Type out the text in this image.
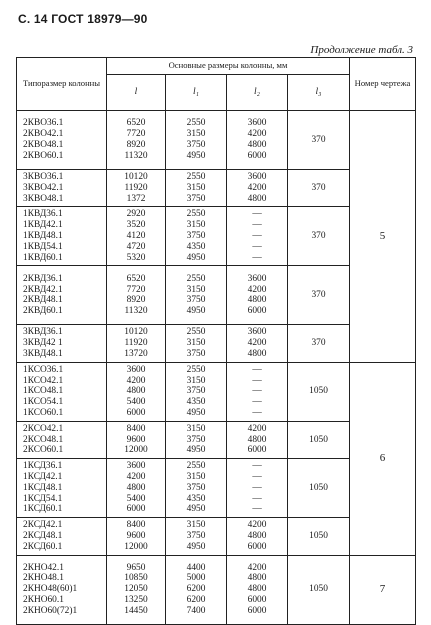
С. 14 ГОСТ 18979—90
Продолжение табл. 3
Типоразмер колонны	Основные размеры колонны, мм				Номер чертежа
	l	l₁	l₂	l₃	

2КВО36.1
2КВО42.1
2КВО48.1
2КВО60.1	6520
7720
8920
11320	2550
3150
3750
4950	3600
4200
4800
6000	370	5

3КВО36.1
3КВО42.1
3КВО48.1	10120
11920
1372	2550
3150
3750	3600
4200
4800	370	

1КВД36.1
1КВД42.1
1КВД48.1
1КВД54.1
1КВД60.1	2920
3520
4120
4720
5320	2550
3150
3750
4350
4950	—
—
—
—
—	370	

2КВД36.1
2КВД42.1
2КВД48.1
2КВД60.1	6520
7720
8920
11320	2550
3150
3750
4950	3600
4200
4800
6000	370	

3КВД36.1
3КВД42 1
3КВД48.1	10120
11920
13720	2550
3150
3750	3600
4200
4800	370	

1КСО36.1
1КСО42.1
1КСО48.1
1КСО54.1
1КСО60.1	3600
4200
4800
5400
6000	2550
3150
3750
4350
4950	—
—
—
—
—	1050	6

2КСО42.1
2КСО48.1
2КСО60.1	8400
9600
12000	3150
3750
4950	4200
4800
6000	1050	

1КСД36.1
1КСД42.1
1КСД48.1
1КСД54.1
1КСД60.1	3600
4200
4800
5400
6000	2550
3150
3750
4350
4950	—
—
—
—
—	1050	

2КСД42.1
2КСД48.1
2КСД60.1	8400
9600
12000	3150
3750
4950	4200
4800
6000	1050	

2КНО42.1
2КНО48.1
2КНО48(60)1
2КНО60.1
2КНО60(72)1	9650
10850
12050
13250
14450	4400
5000
6200
6200
7400	4200
4800
4800
6000
6000	1050	7
